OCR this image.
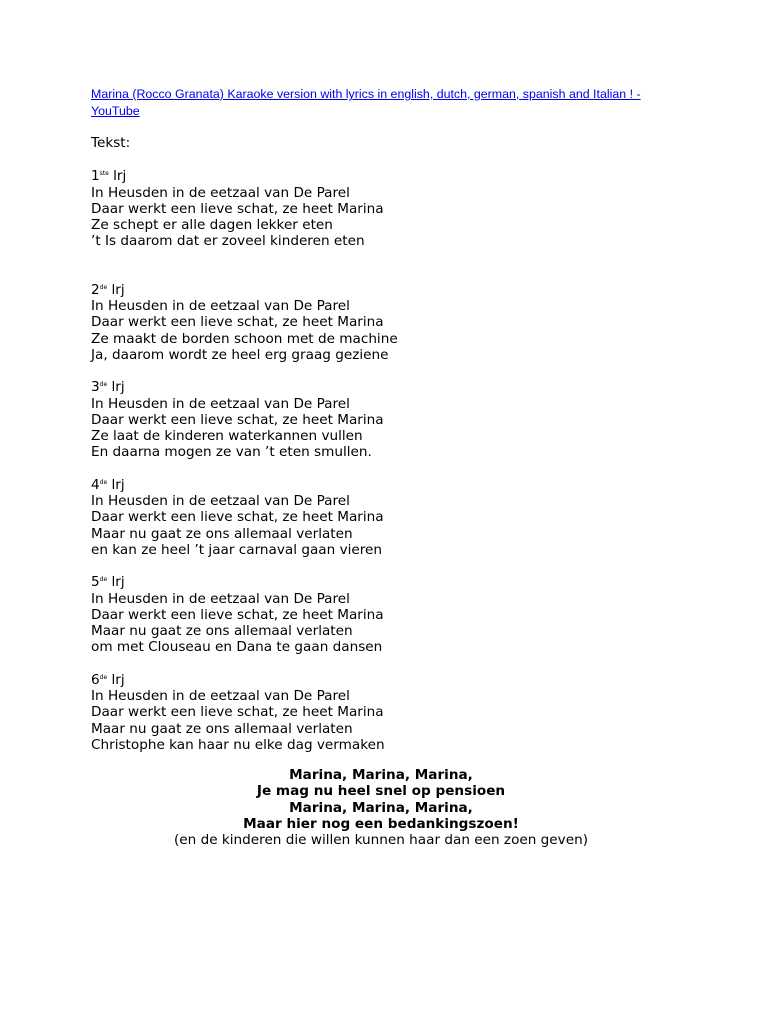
Marina (Rocco Granata) Karaoke version with lyrics in english, dutch, german, spanish and Italian ! - YouTube
Tekst:
1ste lrj
In Heusden in de eetzaal van De Parel
Daar werkt een lieve schat, ze heet Marina
Ze schept er alle dagen lekker eten
’t Is daarom dat er zoveel kinderen eten
2de lrj
In Heusden in de eetzaal van De Parel
Daar werkt een lieve schat, ze heet Marina
Ze maakt de borden schoon met de machine
Ja, daarom wordt ze heel erg graag geziene
3de lrj
In Heusden in de eetzaal van De Parel
Daar werkt een lieve schat, ze heet Marina
Ze laat de kinderen waterkannen vullen
En daarna mogen ze van ’t eten smullen.
4de lrj
In Heusden in de eetzaal van De Parel
Daar werkt een lieve schat, ze heet Marina
Maar nu gaat ze ons allemaal verlaten
en kan ze heel ’t jaar carnaval gaan vieren
5de lrj
In Heusden in de eetzaal van De Parel
Daar werkt een lieve schat, ze heet Marina
Maar nu gaat ze ons allemaal verlaten
om met Clouseau en Dana te gaan dansen
6de lrj
In Heusden in de eetzaal van De Parel
Daar werkt een lieve schat, ze heet Marina
Maar nu gaat ze ons allemaal verlaten
Christophe kan haar nu elke dag vermaken
Marina, Marina, Marina,
Je mag nu heel snel op pensioen
Marina, Marina, Marina,
Maar hier nog een bedankingszoen!
(en de kinderen die willen kunnen haar dan een zoen geven)
